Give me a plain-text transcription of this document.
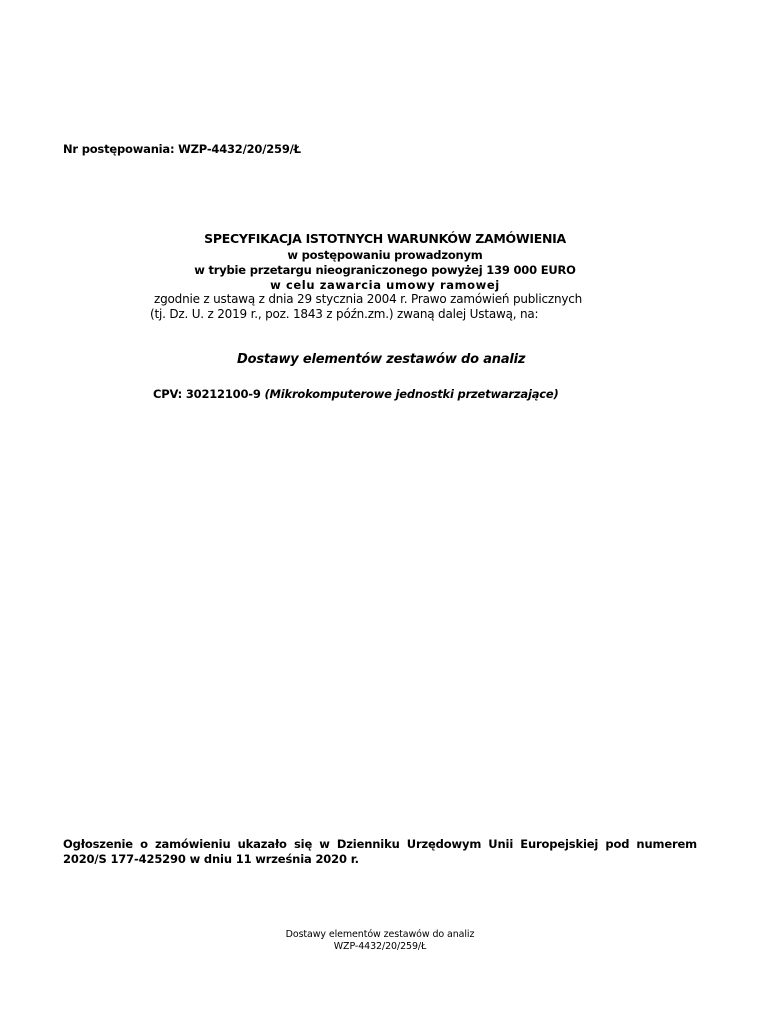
Nr postępowania: WZP-4432/20/259/Ł
SPECYFIKACJA ISTOTNYCH WARUNKÓW ZAMÓWIENIA
w postępowaniu prowadzonym
w trybie przetargu nieograniczonego powyżej 139 000 EURO
w celu zawarcia umowy ramowej
zgodnie z ustawą z dnia 29 stycznia 2004 r. Prawo zamówień publicznych
(tj. Dz. U. z 2019 r., poz. 1843 z późn.zm.) zwaną dalej Ustawą, na:
Dostawy elementów zestawów do analiz
CPV: 30212100-9 (Mikrokomputerowe jednostki przetwarzające)
Ogłoszenie o zamówieniu ukazało się w Dzienniku Urzędowym Unii Europejskiej pod numerem
2020/S 177-425290 w dniu 11 września 2020 r.
Dostawy elementów zestawów do analiz
WZP-4432/20/259/Ł
